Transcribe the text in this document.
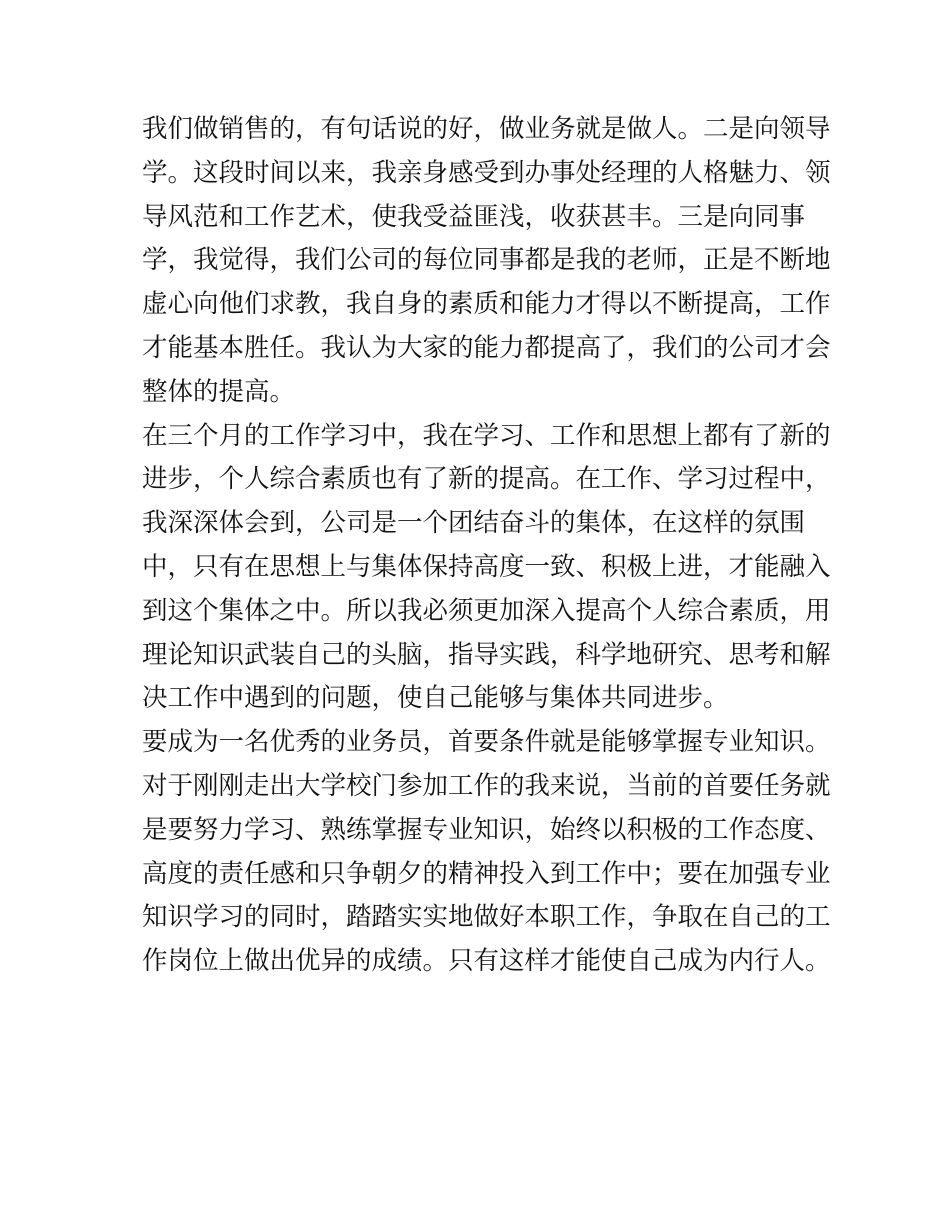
我们做销售的，有句话说的好，做业务就是做人。二是向领导
学。这段时间以来，我亲身感受到办事处经理的人格魅力、领
导风范和工作艺术，使我受益匪浅，收获甚丰。三是向同事
学，我觉得，我们公司的每位同事都是我的老师，正是不断地
虚心向他们求教，我自身的素质和能力才得以不断提高，工作
才能基本胜任。我认为大家的能力都提高了，我们的公司才会
整体的提高。
在三个月的工作学习中，我在学习、工作和思想上都有了新的
进步，个人综合素质也有了新的提高。在工作、学习过程中，
我深深体会到，公司是一个团结奋斗的集体，在这样的氛围
中，只有在思想上与集体保持高度一致、积极上进，才能融入
到这个集体之中。所以我必须更加深入提高个人综合素质，用
理论知识武装自己的头脑，指导实践，科学地研究、思考和解
决工作中遇到的问题，使自己能够与集体共同进步。
要成为一名优秀的业务员，首要条件就是能够掌握专业知识。
对于刚刚走出大学校门参加工作的我来说，当前的首要任务就
是要努力学习、熟练掌握专业知识，始终以积极的工作态度、
高度的责任感和只争朝夕的精神投入到工作中；要在加强专业
知识学习的同时，踏踏实实地做好本职工作，争取在自己的工
作岗位上做出优异的成绩。只有这样才能使自己成为内行人。
